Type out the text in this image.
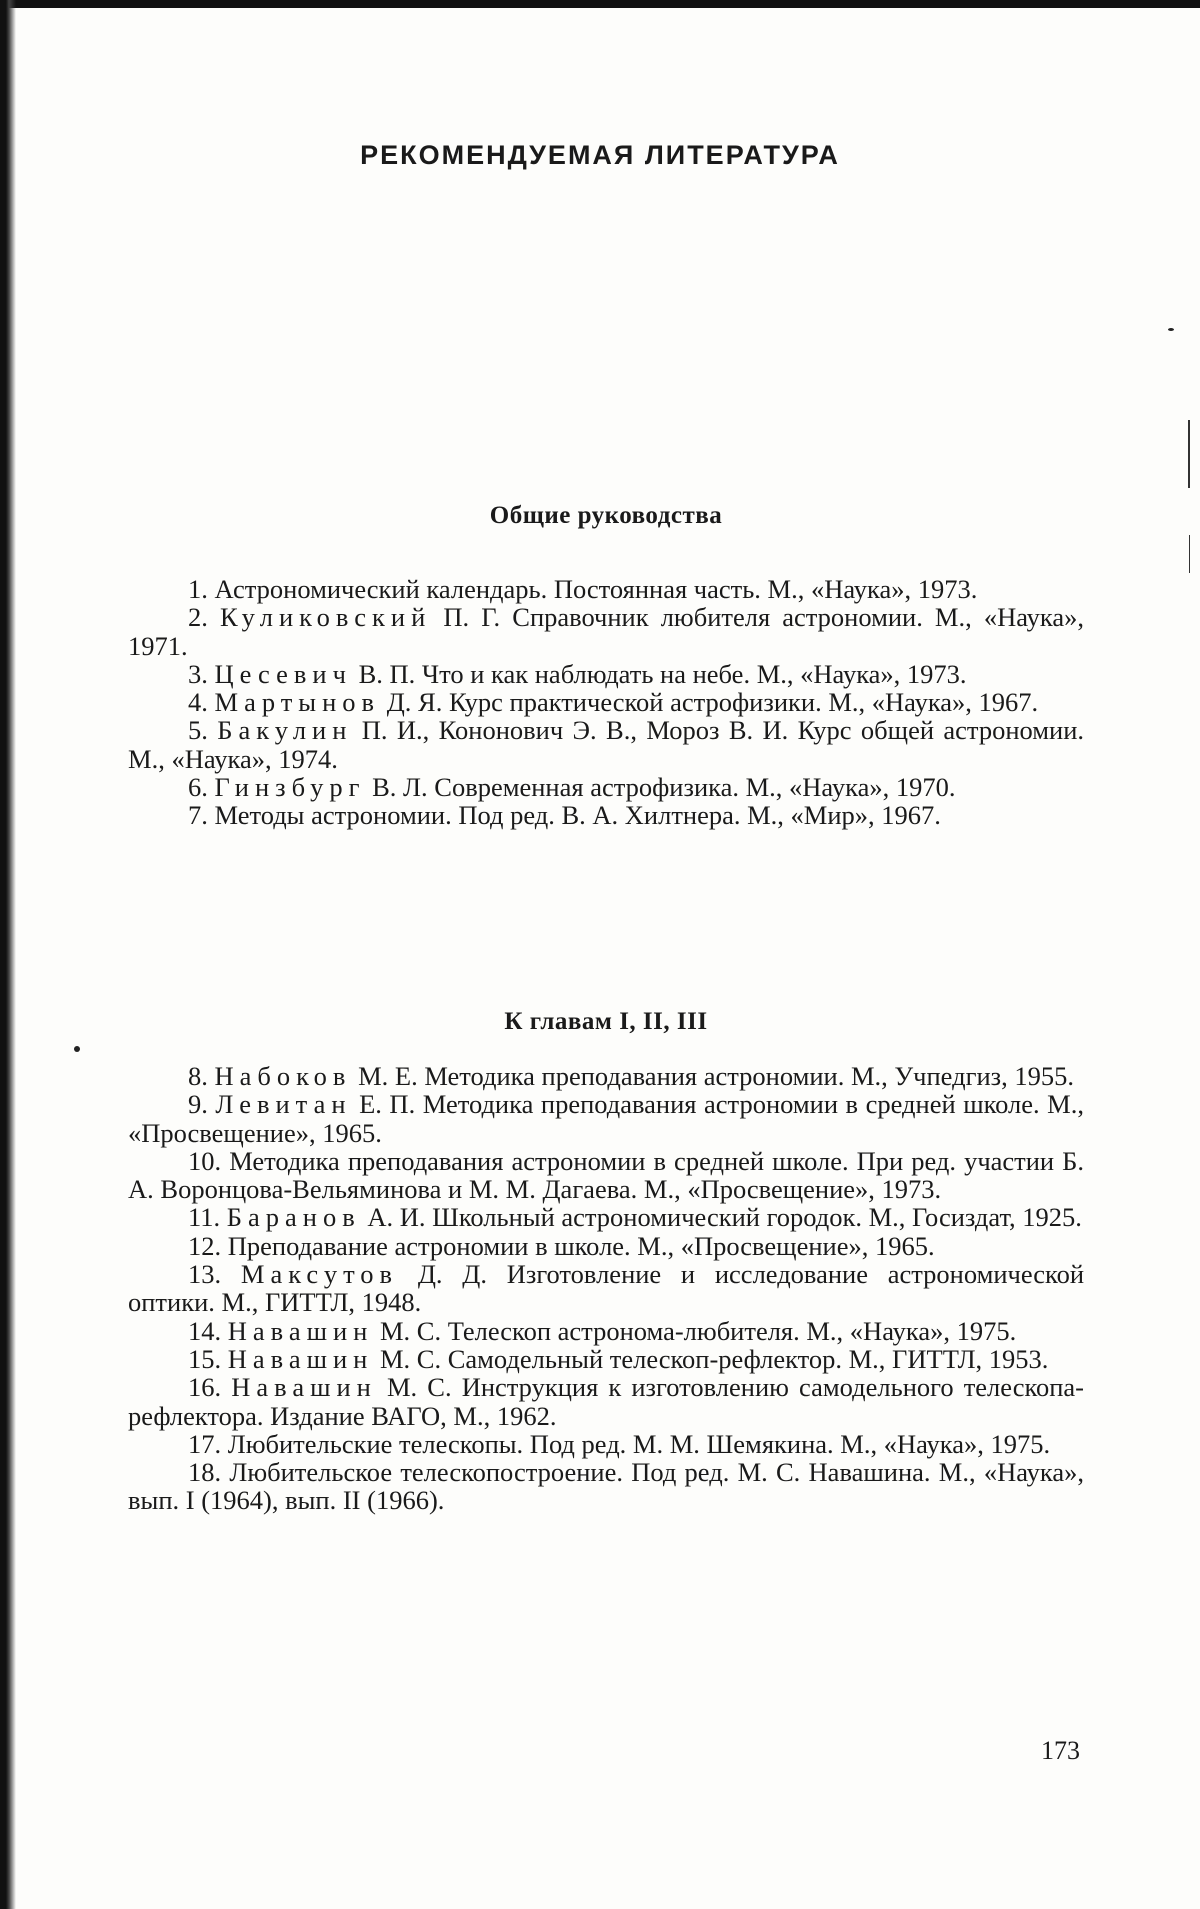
РЕКОМЕНДУЕМАЯ ЛИТЕРАТУРА
Общие руководства

1. Астрономический календарь. Постоянная часть. М., «Наука», 1973.

2. Куликовский П. Г. Справочник любителя астрономии. М., «Наука», 1971.

3. Цесевич В. П. Что и как наблюдать на небе. М., «Наука», 1973.

4. Мартынов Д. Я. Курс практической астрофизики. М., «Наука», 1967.

5. Бакулин П. И., Кононович Э. В., Мороз В. И. Курс общей астрономии. М., «Наука», 1974.

6. Гинзбург В. Л. Современная астрофизика. М., «Наука», 1970.

7. Методы астрономии. Под ред. В. А. Хилтнера. М., «Мир», 1967.

К главам I, II, III

8. Набоков М. Е. Методика преподавания астрономии. М., Учпедгиз, 1955.

9. Левитан Е. П. Методика преподавания астрономии в средней школе. М., «Просвещение», 1965.

10. Методика преподавания астрономии в средней школе. При ред. участии Б. А. Воронцова-Вельяминова и М. М. Дагаева. М., «Просвещение», 1973.

11. Баранов А. И. Школьный астрономический городок. М., Госиздат, 1925.

12. Преподавание астрономии в школе. М., «Просвещение», 1965.

13. Максутов Д. Д. Изготовление и исследование астрономической оптики. М., ГИТТЛ, 1948.

14. Навашин М. С. Телескоп астронома-любителя. М., «Наука», 1975.

15. Навашин М. С. Самодельный телескоп-рефлектор. М., ГИТТЛ, 1953.

16. Навашин М. С. Инструкция к изготовлению самодельного телескопа-рефлектора. Издание ВАГО, М., 1962.

17. Любительские телескопы. Под ред. М. М. Шемякина. М., «Наука», 1975.

18. Любительское телескопостроение. Под ред. М. С. Навашина. М., «Наука», вып. I (1964), вып. II (1966).

173
